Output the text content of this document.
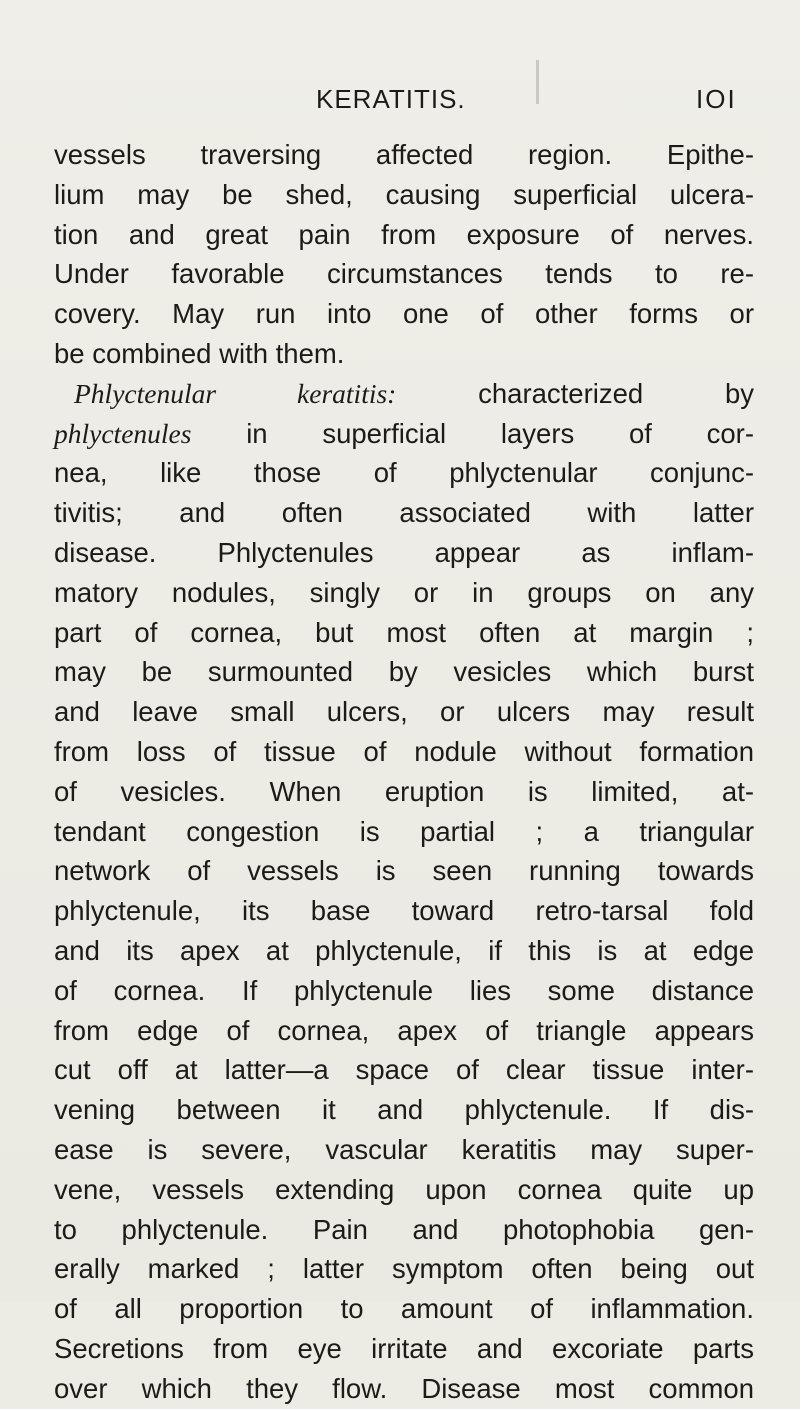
KERATITIS.	IOI
vessels traversing affected region. Epithe-
lium may be shed, causing superficial ulcera-
tion and great pain from exposure of nerves.
Under favorable circumstances tends to re-
covery. May run into one of other forms or
be combined with them.
Phlyctenular keratitis: characterized by
phlyctenules in superficial layers of cor-
nea, like those of phlyctenular conjunc-
tivitis; and often associated with latter
disease. Phlyctenules appear as inflam-
matory nodules, singly or in groups on any
part of cornea, but most often at margin ;
may be surmounted by vesicles which burst
and leave small ulcers, or ulcers may result
from loss of tissue of nodule without formation
of vesicles. When eruption is limited, at-
tendant congestion is partial ; a triangular
network of vessels is seen running towards
phlyctenule, its base toward retro-tarsal fold
and its apex at phlyctenule, if this is at edge
of cornea. If phlyctenule lies some distance
from edge of cornea, apex of triangle appears
cut off at latter—a space of clear tissue inter-
vening between it and phlyctenule. If dis-
ease is severe, vascular keratitis may super-
vene, vessels extending upon cornea quite up
to phlyctenule. Pain and photophobia gen-
erally marked ; latter symptom often being out
of all proportion to amount of inflammation.
Secretions from eye irritate and excoriate parts
over which they flow. Disease most common
